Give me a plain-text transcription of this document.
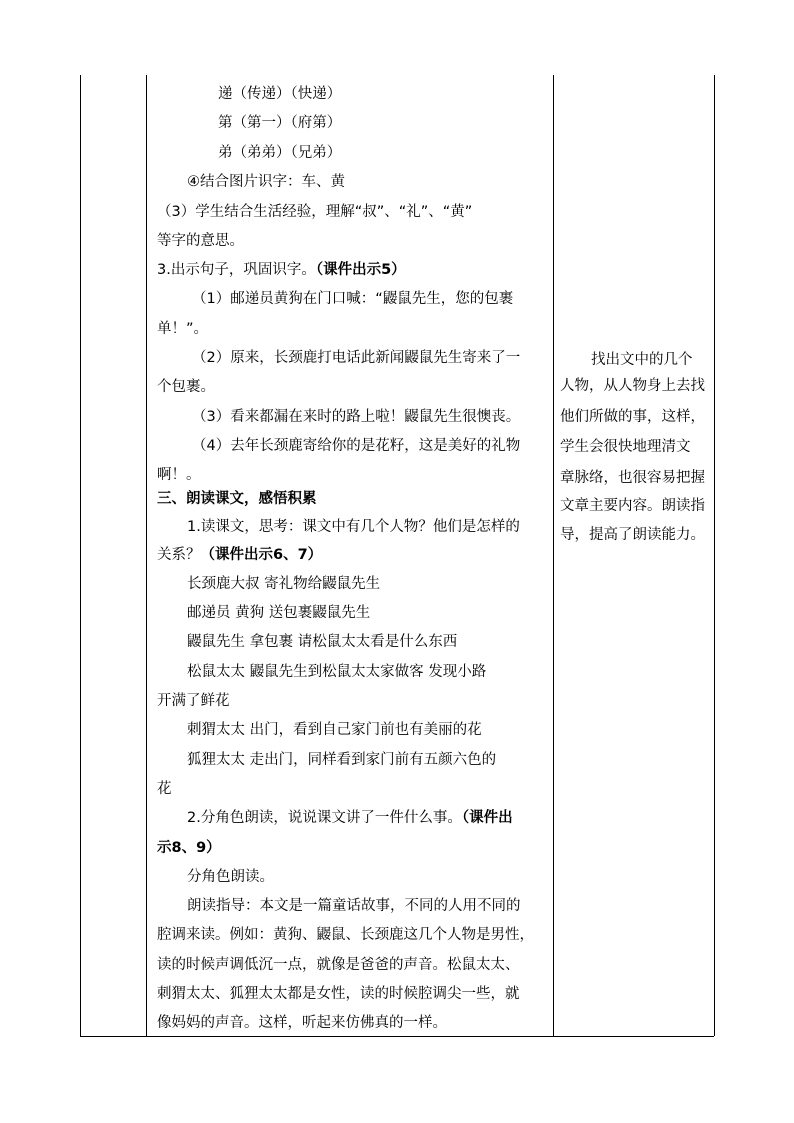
递（传递）（快递）
第（第一）（府第）
弟（弟弟）（兄弟）
④结合图片识字：车、黄
（3）学生结合生活经验，理解“叔”、“礼”、“黄”
等字的意思。
3.出示句子，巩固识字。（课件出示5）
（1）邮递员黄狗在门口喊：“鼹鼠先生，您的包裹
单！”。
（2）原来，长颈鹿打电话此新闻鼹鼠先生寄来了一
个包裹。
（3）看来都漏在来时的路上啦！鼹鼠先生很懊丧。
（4）去年长颈鹿寄给你的是花籽，这是美好的礼物
啊！。
三、朗读课文，感悟积累
1.读课文，思考：课文中有几个人物？他们是怎样的
关系？（课件出示6、7）
长颈鹿大叔 寄礼物给鼹鼠先生
邮递员 黄狗 送包裹鼹鼠先生
鼹鼠先生 拿包裹 请松鼠太太看是什么东西
松鼠太太 鼹鼠先生到松鼠太太家做客 发现小路
开满了鲜花
刺猬太太 出门，看到自己家门前也有美丽的花
狐狸太太 走出门，同样看到家门前有五颜六色的
花
2.分角色朗读，说说课文讲了一件什么事。（课件出
示8、9）
分角色朗读。
朗读指导：本文是一篇童话故事，不同的人用不同的
腔调来读。例如：黄狗、鼹鼠、长颈鹿这几个人物是男性，
读的时候声调低沉一点，就像是爸爸的声音。松鼠太太、
刺猬太太、狐狸太太都是女性，读的时候腔调尖一些，就
像妈妈的声音。这样，听起来仿佛真的一样。
找出文中的几个
人物，从人物身上去找
他们所做的事，这样，
学生会很快地理清文
章脉络，也很容易把握
文章主要内容。朗读指
导，提高了朗读能力。
